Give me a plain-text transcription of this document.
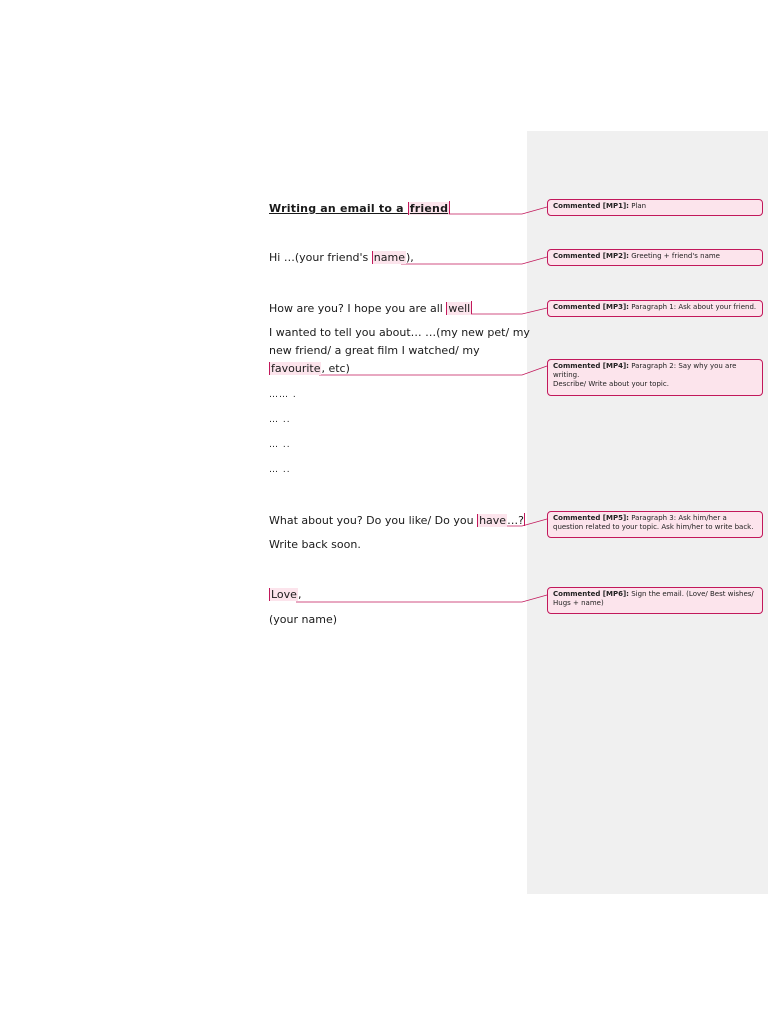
Writing an email to a friend
Hi …(your friend's name),
How are you? I hope you are all well
I wanted to tell you about… …(my new pet/ my
new friend/ a great film I watched/ my
favourite, etc)
…… .
… ..
… ..
… ..
What about you? Do you like/ Do you have…?
Write back soon.
Love,
(your name)
Commented [MP1]: Plan
Commented [MP2]: Greeting + friend's name
Commented [MP3]: Paragraph 1: Ask about your friend.
Commented [MP4]: Paragraph 2: Say why you are writing.
Describe/ Write about your topic.
Commented [MP5]: Paragraph 3: Ask him/her a question related to your topic. Ask him/her to write back.
Commented [MP6]: Sign the email. (Love/ Best wishes/ Hugs + name)
